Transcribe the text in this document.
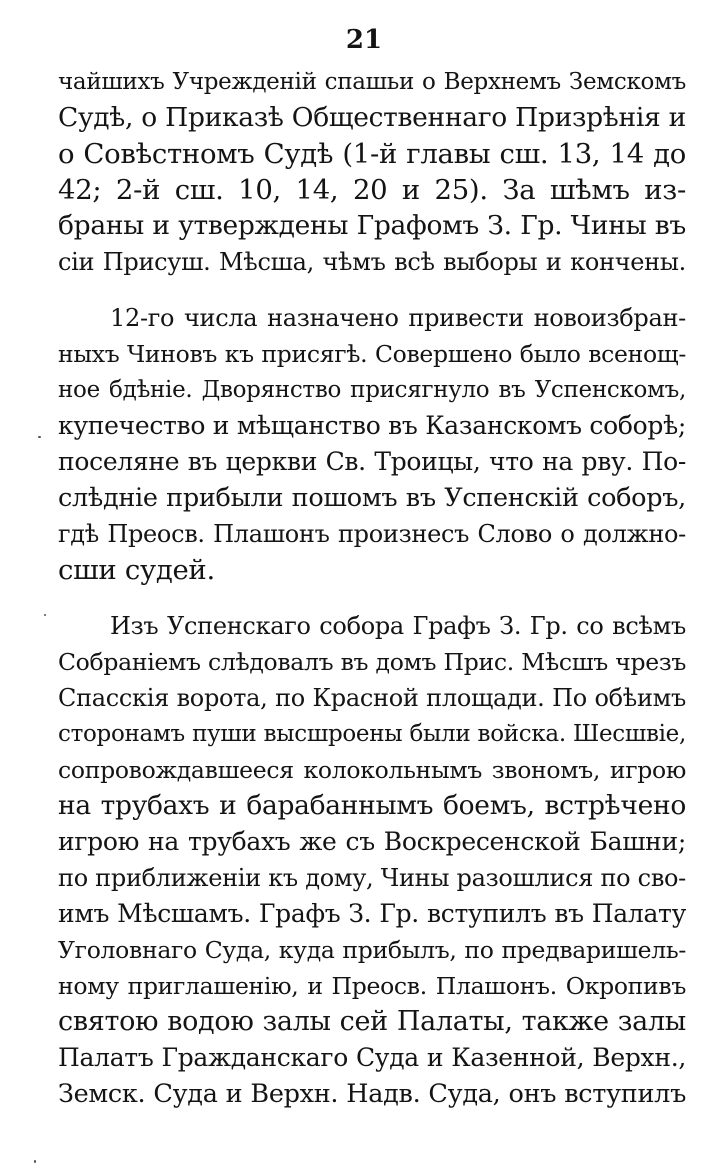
21
чайшихъ Учрежденій спашьи о Верхнемъ Земскомъ
Судѣ, о Приказѣ Общественнаго Призрѣнія и
о Совѣстномъ Судѣ (1-й главы сш. 13, 14 до
42; 2-й сш. 10, 14, 20 и 25). За шѣмъ из-
браны и утверждены Графомъ З. Гр. Чины въ
сіи Присуш. Мѣсша, чѣмъ всѣ выборы и кончены.
12-го числа назначено привести новоизбран-
ныхъ Чиновъ къ присягѣ. Совершено было всенощ-
ное бдѣніе. Дворянство присягнуло въ Успенскомъ,
купечество и мѣщанство въ Казанскомъ соборѣ;
поселяне въ церкви Св. Троицы, что на рву. По-
слѣдніе прибыли пошомъ въ Успенскій соборъ,
гдѣ Преосв. Плашонъ произнесъ Слово о должно-
сши судей.
Изъ Успенскаго собора Графъ З. Гр. со всѣмъ
Собраніемъ слѣдовалъ въ домъ Прис. Мѣсшъ чрезъ
Спасскія ворота, по Красной площади. По обѣимъ
сторонамъ пуши высшроены были войска. Шесшвіе,
сопровождавшееся колокольнымъ звономъ, игрою
на трубахъ и барабаннымъ боемъ, встрѣчено
игрою на трубахъ же съ Воскресенской Башни;
по приближеніи къ дому, Чины разошлися по сво-
имъ Мѣсшамъ. Графъ З. Гр. вступилъ въ Палату
Уголовнаго Суда, куда прибылъ, по предваришель-
ному приглашенію, и Преосв. Плашонъ. Окропивъ
святою водою залы сей Палаты, также залы
Палатъ Гражданскаго Суда и Казенной, Верхн.,
Земск. Суда и Верхн. Надв. Суда, онъ вступилъ
